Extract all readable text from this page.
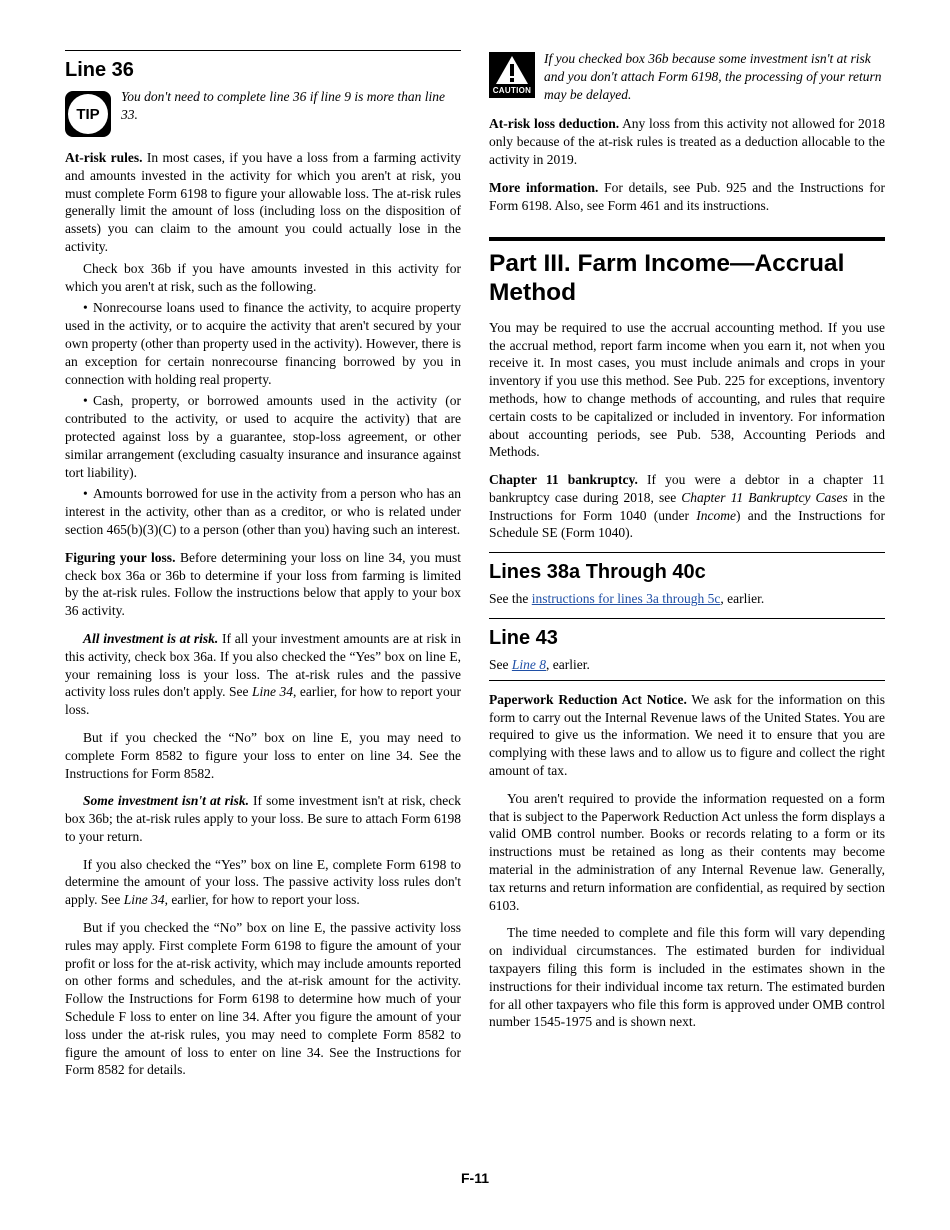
Line 36
TIP
You don't need to complete line 36 if line 9 is more than line 33.

At-risk rules. In most cases, if you have a loss from a farming activity and amounts invested in the activity for which you aren't at risk, you must complete Form 6198 to figure your allowable loss. The at-risk rules generally limit the amount of loss (including loss on the disposition of assets) you can claim to the amount you could actually lose in the activity.

Check box 36b if you have amounts invested in this activity for which you aren't at risk, such as the following.

• Nonrecourse loans used to finance the activity, to acquire property used in the activity, or to acquire the activity that aren't secured by your own property (other than property used in the activity). However, there is an exception for certain nonrecourse financing borrowed by you in connection with holding real property.

• Cash, property, or borrowed amounts used in the activity (or contributed to the activity, or used to acquire the activity) that are protected against loss by a guarantee, stop-loss agreement, or other similar arrangement (excluding casualty insurance and insurance against tort liability).

• Amounts borrowed for use in the activity from a person who has an interest in the activity, other than as a creditor, or who is related under section 465(b)(3)(C) to a person (other than you) having such an interest.

Figuring your loss. Before determining your loss on line 34, you must check box 36a or 36b to determine if your loss from farming is limited by the at-risk rules. Follow the instructions below that apply to your box 36 activity.

All investment is at risk. If all your investment amounts are at risk in this activity, check box 36a. If you also checked the “Yes” box on line E, your remaining loss is your loss. The at-risk rules and the passive activity loss rules don't apply. See Line 34, earlier, for how to report your loss.

But if you checked the “No” box on line E, you may need to complete Form 8582 to figure your loss to enter on line 34. See the Instructions for Form 8582.

Some investment isn't at risk. If some investment isn't at risk, check box 36b; the at-risk rules apply to your loss. Be sure to attach Form 6198 to your return.

If you also checked the “Yes” box on line E, complete Form 6198 to determine the amount of your loss. The passive activity loss rules don't apply. See Line 34, earlier, for how to report your loss.

But if you checked the “No” box on line E, the passive activity loss rules may apply. First complete Form 6198 to figure the amount of your profit or loss for the at-risk activity, which may include amounts reported on other forms and schedules, and the at-risk amount for the activity. Follow the Instructions for Form 6198 to determine how much of your Schedule F loss to enter on line 34. After you figure the amount of your loss under the at-risk rules, you may need to complete Form 8582 to figure the amount of loss to enter on line 34. See the Instructions for Form 8582 for details.

CAUTION
If you checked box 36b because some investment isn't at risk and you don't attach Form 6198, the processing of your return may be delayed.

At-risk loss deduction. Any loss from this activity not allowed for 2018 only because of the at-risk rules is treated as a deduction allocable to the activity in 2019.

More information. For details, see Pub. 925 and the Instructions for Form 6198. Also, see Form 461 and its instructions.

Part III. Farm Income—Accrual Method

You may be required to use the accrual accounting method. If you use the accrual method, report farm income when you earn it, not when you receive it. In most cases, you must include animals and crops in your inventory if you use this method. See Pub. 225 for exceptions, inventory methods, how to change methods of accounting, and rules that require certain costs to be capitalized or included in inventory. For information about accounting periods, see Pub. 538, Accounting Periods and Methods.

Chapter 11 bankruptcy. If you were a debtor in a chapter 11 bankruptcy case during 2018, see Chapter 11 Bankruptcy Cases in the Instructions for Form 1040 (under Income) and the Instructions for Schedule SE (Form 1040).

Lines 38a Through 40c

See the instructions for lines 3a through 5c, earlier.

Line 43

See Line 8, earlier.

Paperwork Reduction Act Notice. We ask for the information on this form to carry out the Internal Revenue laws of the United States. You are required to give us the information. We need it to ensure that you are complying with these laws and to allow us to figure and collect the right amount of tax.

You aren't required to provide the information requested on a form that is subject to the Paperwork Reduction Act unless the form displays a valid OMB control number. Books or records relating to a form or its instructions must be retained as long as their contents may become material in the administration of any Internal Revenue law. Generally, tax returns and return information are confidential, as required by section 6103.

The time needed to complete and file this form will vary depending on individual circumstances. The estimated burden for individual taxpayers filing this form is included in the estimates shown in the instructions for their individual income tax return. The estimated burden for all other taxpayers who file this form is approved under OMB control number 1545-1975 and is shown next.

F-11
